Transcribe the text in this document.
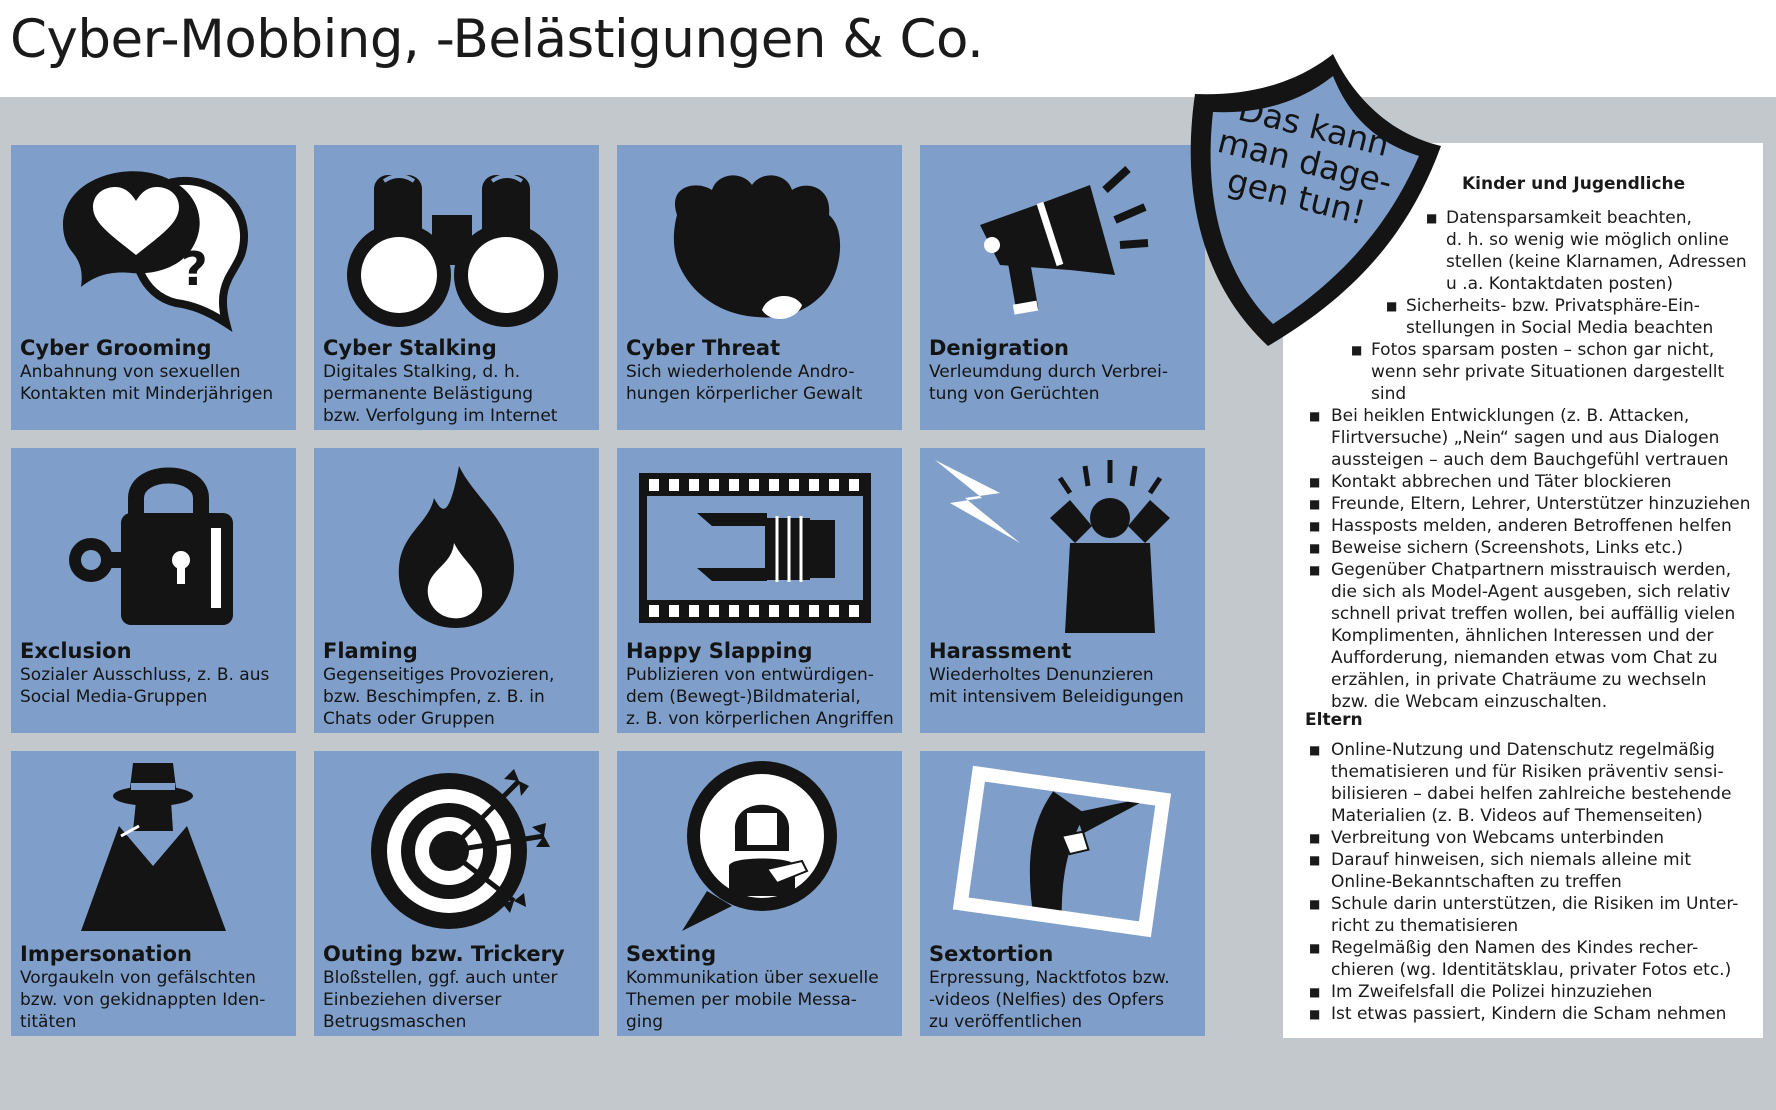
Cyber-Mobbing, -Belästigungen & Co.
?
Cyber Grooming
Anbahnung von sexuellen
Kontakten mit Minderjährigen
Cyber Stalking
Digitales Stalking, d. h.
permanente Belästigung
bzw. Verfolgung im Internet
Cyber Threat
Sich wiederholende Andro-
hungen körperlicher Gewalt
Denigration
Verleumdung durch Verbrei-
tung von Gerüchten
Exclusion
Sozialer Ausschluss, z. B. aus
Social Media-Gruppen
Flaming
Gegenseitiges Provozieren,
bzw. Beschimpfen, z. B. in
Chats oder Gruppen
Happy Slapping
Publizieren von entwürdigen-
dem (Bewegt-)Bildmaterial,
z. B. von körperlichen Angriffen
Harassment
Wiederholtes Denunzieren
mit intensivem Beleidigungen
Impersonation
Vorgaukeln von gefälschten
bzw. von gekidnappten Iden-
titäten
Outing bzw. Trickery
Bloßstellen, ggf. auch unter
Einbeziehen diverser
Betrugsmaschen
Sexting
Kommunikation über sexuelle
Themen per mobile Messa-
ging
Sextortion
Erpressung, Nacktfotos bzw.
-videos (Nelfies) des Opfers
zu veröffentlichen
Kinder und Jugendliche
■ Datensparsamkeit beachten,
d. h. so wenig wie möglich online
stellen (keine Klarnamen, Adressen
u .a. Kontaktdaten posten)
■ Sicherheits- bzw. Privatsphäre-Ein-
stellungen in Social Media beachten
■ Fotos sparsam posten – schon gar nicht,
wenn sehr private Situationen dargestellt sind
■ Bei heiklen Entwicklungen (z. B. Attacken,
Flirtversuche) „Nein“ sagen und aus Dialogen
aussteigen – auch dem Bauchgefühl vertrauen
■ Kontakt abbrechen und Täter blockieren
■ Freunde, Eltern, Lehrer, Unterstützer hinzuziehen
■ Hassposts melden, anderen Betroffenen helfen
■ Beweise sichern (Screenshots, Links etc.)
■ Gegenüber Chatpartnern misstrauisch werden,
die sich als Model-Agent ausgeben, sich relativ
schnell privat treffen wollen, bei auffällig vielen
Komplimenten, ähnlichen Interessen und der
Aufforderung, niemanden etwas vom Chat zu
erzählen, in private Chaträume zu wechseln
bzw. die Webcam einzuschalten.
Eltern
■ Online-Nutzung und Datenschutz regelmäßig
thematisieren und für Risiken präventiv sensi-
bilisieren – dabei helfen zahlreiche bestehende
Materialien (z. B. Videos auf Themenseiten)
■ Verbreitung von Webcams unterbinden
■ Darauf hinweisen, sich niemals alleine mit
Online-Bekanntschaften zu treffen
■ Schule darin unterstützen, die Risiken im Unter-
richt zu thematisieren
■ Regelmäßig den Namen des Kindes recher-
chieren (wg. Identitätsklau, privater Fotos etc.)
■ Im Zweifelsfall die Polizei hinzuziehen
■ Ist etwas passiert, Kindern die Scham nehmen
Das kann
man dage-
gen tun!
